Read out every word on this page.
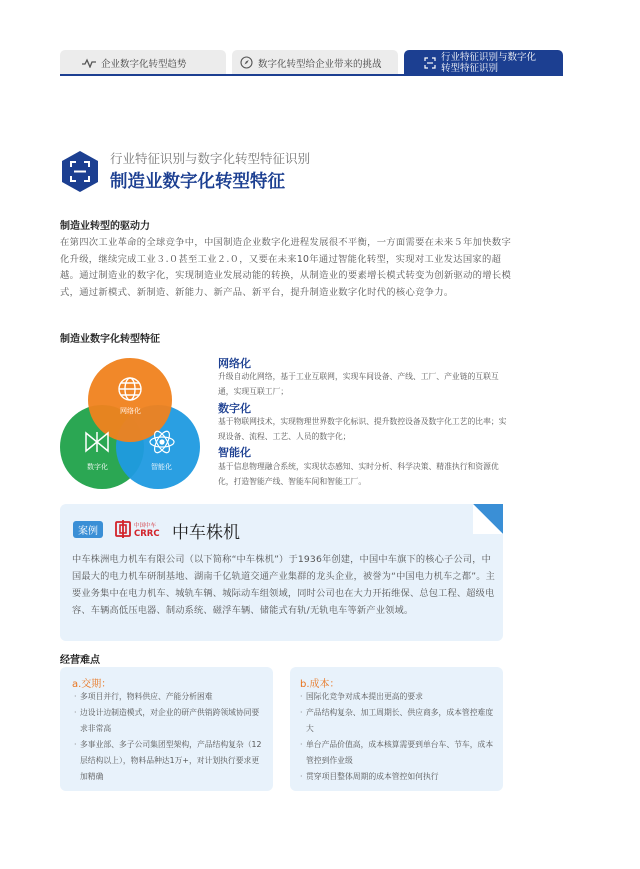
企业数字化转型趋势	数字化转型给企业带来的挑战
行业特征识别与数字化
转型特征识别
行业特征识别与数字化转型特征识别
制造业数字化转型特征
制造业转型的驱动力
在第四次工业革命的全球竞争中，中国制造企业数字化进程发展很不平衡，一方面需要在未来５年加快数字化升级，继续完成工业３.０甚至工业２.０，又要在未来10年通过智能化转型，实现对工业发达国家的超越。通过制造业的数字化，实现制造业发展动能的转换，从制造业的要素增长模式转变为创新驱动的增长模式，通过新模式、新制造、新能力、新产品、新平台，提升制造业数字化时代的核心竞争力。
制造业数字化转型特征
网络化
数字化	智能化
网络化
升级自动化网络，基于工业互联网，实现车间设备、产线、工厂、产业链的互联互通，实现互联工厂；
数字化
基于物联网技术，实现物理世界数字化标识、提升数控设备及数字化工艺的比率；实现设备、流程、工艺、人员的数字化；
智能化
基于信息物理融合系统，实现状态感知、实时分析、科学决策、精准执行和资源优化，打造智能产线、智能车间和智能工厂。
案例	中国中车
CRRC 中车株机
中车株洲电力机车有限公司（以下简称“中车株机”）于1936年创建，中国中车旗下的核心子公司，中国最大的电力机车研制基地、湖南千亿轨道交通产业集群的龙头企业，被誉为“中国电力机车之都”。主要业务集中在电力机车、城轨车辆、城际动车组领域，同时公司也在大力开拓维保、总包工程、超级电容、车辆高低压电器、制动系统、磁浮车辆、储能式有轨/无轨电车等新产业领域。
经营难点
a.交期：
· 多项目并行，物料供应、产能分析困难
· 边设计边制造模式，对企业的研产供销跨领域协同要求非常高
· 多事业部、多子公司集团型架构，产品结构复杂（12层结构以上），物料品种达1万+，对计划执行要求更加精确
b.成本：
· 国际化竞争对成本提出更高的要求
· 产品结构复杂、加工周期长、供应商多，成本管控难度大
· 单台产品价值高，成本核算需要到单台车、节车，成本管控到作业级
· 贯穿项目整体周期的成本管控如何执行
